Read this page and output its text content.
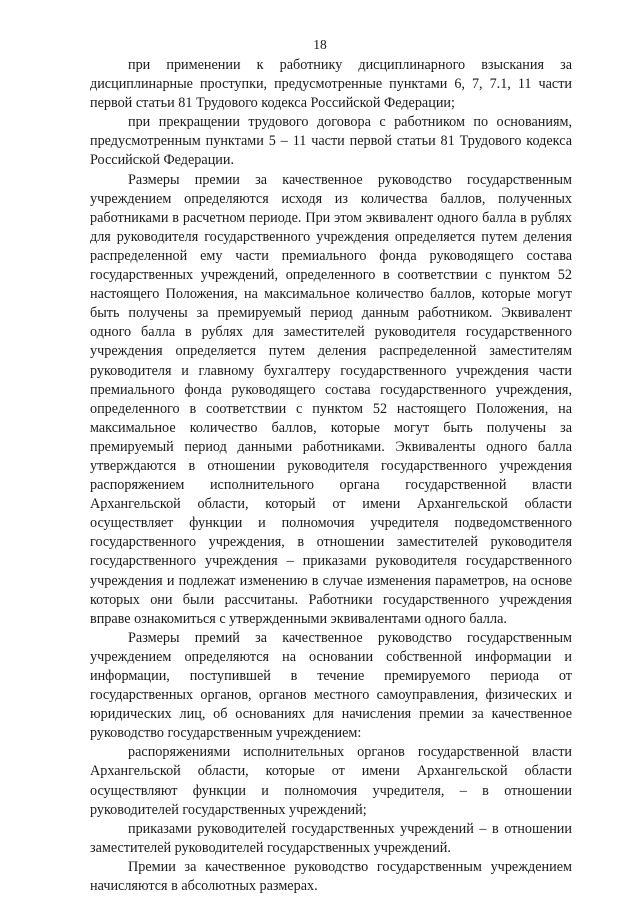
18

при применении к работнику дисциплинарного взыскания за дисциплинарные проступки, предусмотренные пунктами 6, 7, 7.1, 11 части первой статьи 81 Трудового кодекса Российской Федерации;

при прекращении трудового договора с работником по основаниям, предусмотренным пунктами 5 – 11 части первой статьи 81 Трудового кодекса Российской Федерации.

Размеры премии за качественное руководство государственным учреждением определяются исходя из количества баллов, полученных работниками в расчетном периоде. При этом эквивалент одного балла в рублях для руководителя государственного учреждения определяется путем деления распределенной ему части премиального фонда руководящего состава государственных учреждений, определенного в соответствии с пунктом 52 настоящего Положения, на максимальное количество баллов, которые могут быть получены за премируемый период данным работником. Эквивалент одного балла в рублях для заместителей руководителя государственного учреждения определяется путем деления распределенной заместителям руководителя и главному бухгалтеру государственного учреждения части премиального фонда руководящего состава государственного учреждения, определенного в соответствии с пунктом 52 настоящего Положения, на максимальное количество баллов, которые могут быть получены за премируемый период данными работниками. Эквиваленты одного балла утверждаются в отношении руководителя государственного учреждения распоряжением исполнительного органа государственной власти Архангельской области, который от имени Архангельской области осуществляет функции и полномочия учредителя подведомственного государственного учреждения, в отношении заместителей руководителя государственного учреждения – приказами руководителя государственного учреждения и подлежат изменению в случае изменения параметров, на основе которых они были рассчитаны. Работники государственного учреждения вправе ознакомиться с утвержденными эквивалентами одного балла.

Размеры премий за качественное руководство государственным учреждением определяются на основании собственной информации и информации, поступившей в течение премируемого периода от государственных органов, органов местного самоуправления, физических и юридических лиц, об основаниях для начисления премии за качественное руководство государственным учреждением:

распоряжениями исполнительных органов государственной власти Архангельской области, которые от имени Архангельской области осуществляют функции и полномочия учредителя, – в отношении руководителей государственных учреждений;

приказами руководителей государственных учреждений – в отношении заместителей руководителей государственных учреждений.

Премии за качественное руководство государственным учреждением начисляются в абсолютных размерах.
